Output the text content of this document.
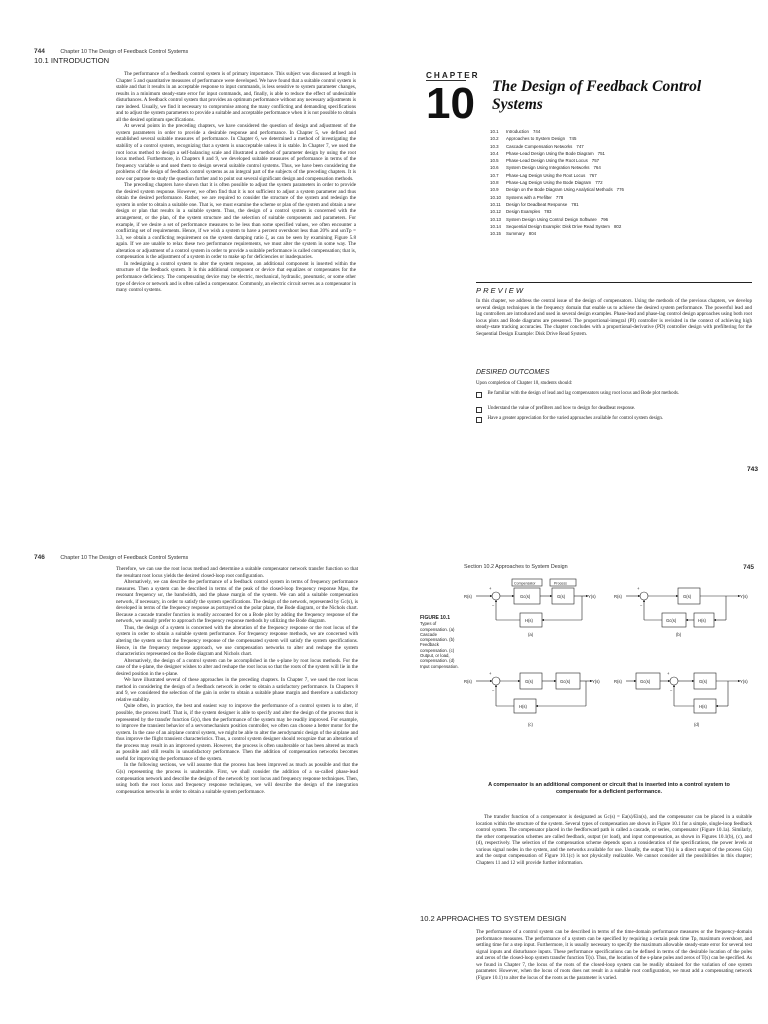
744	Chapter 10 The Design of Feedback Control Systems
10.1 INTRODUCTION

The performance of a feedback control system is of primary importance. This subject was discussed at length in Chapter 5 and quantitative measures of performance were developed. We have found that a suitable control system is stable and that it results in an acceptable response to input commands, is less sensitive to system parameter changes, results in a minimum steady-state error for input commands, and, finally, is able to reduce the effect of undesirable disturbances. A feedback control system that provides an optimum performance without any necessary adjustments is rare indeed. Usually, we find it necessary to compromise among the many conflicting and demanding specifications and to adjust the system parameters to provide a suitable and acceptable performance when it is not possible to obtain all the desired optimum specifications.

At several points in the preceding chapters, we have considered the question of design and adjustment of the system parameters in order to provide a desirable response and performance. In Chapter 5, we defined and established several suitable measures of performance. In Chapter 6, we determined a method of investigating the stability of a control system, recognizing that a system is unacceptable unless it is stable. In Chapter 7, we used the root locus method to design a self-balancing scale and illustrated a method of parameter design by using the root locus method. Furthermore, in Chapters 8 and 9, we developed suitable measures of performance in terms of the frequency variable ω and used them to design several suitable control systems. Thus, we have been considering the problems of the design of feedback control systems as an integral part of the subjects of the preceding chapters. It is now our purpose to study the question further and to point out several significant design and compensation methods.

The preceding chapters have shown that it is often possible to adjust the system parameters in order to provide the desired system response. However, we often find that it is not sufficient to adjust a system parameter and thus obtain the desired performance. Rather, we are required to consider the structure of the system and redesign the system in order to obtain a suitable one. That is, we must examine the scheme or plan of the system and obtain a new design or plan that results in a suitable system. Thus, the design of a control system is concerned with the arrangement, or the plan, of the system structure and the selection of suitable components and parameters. For example, if we desire a set of performance measures to be less than some specified values, we often encounter a conflicting set of requirements. Hence, if we wish a system to have a percent overshoot less than 20% and ωnTp = 3.3, we obtain a conflicting requirement on the system damping ratio ζ, as can be seen by examining Figure 5.8 again. If we are unable to relax these two performance requirements, we must alter the system in some way. The alteration or adjustment of a control system in order to provide a suitable performance is called compensation; that is, compensation is the adjustment of a system in order to make up for deficiencies or inadequacies.

In redesigning a control system to alter the system response, an additional component is inserted within the structure of the feedback system. It is this additional component or device that equalizes or compensates for the performance deficiency. The compensating device may be electric, mechanical, hydraulic, pneumatic, or some other type of device or network and is often called a compensator. Commonly, an electric circuit serves as a compensator in many control systems.

CHAPTER
10 The Design of Feedback Control Systems
10.1	Introduction 744
10.2	Approaches to System Design 745
10.3	Cascade Compensation Networks 747
10.4	Phase-Lead Design Using the Bode Diagram 751
10.5	Phase-Lead Design Using the Root Locus 757
10.6	System Design Using Integration Networks 764
10.7	Phase-Lag Design Using the Root Locus 767
10.8	Phase-Lag Design Using the Bode Diagram 772
10.9	Design on the Bode Diagram Using Analytical Methods 776
10.10	Systems with a Prefilter 778
10.11	Design for Deadbeat Response 781
10.12	Design Examples 783
10.13	System Design Using Control Design Software 796
10.14	Sequential Design Example: Disk Drive Read System 802
10.15	Summary 804
PREVIEW

In this chapter, we address the central issue of the design of compensators. Using the methods of the previous chapters, we develop several design techniques in the frequency domain that enable us to achieve the desired system performance. The powerful lead and lag controllers are introduced and used in several design examples. Phase-lead and phase-lag control design approaches using both root locus plots and Bode diagrams are presented. The proportional-integral (PI) controller is revisited in the context of achieving high steady-state tracking accuracies. The chapter concludes with a proportional-derivative (PD) controller design with prefiltering for the Sequential Design Example: Disk Drive Read System.

DESIRED OUTCOMES
Upon completion of Chapter 10, students should:
Be familiar with the design of lead and lag compensators using root locus and Bode plot methods.
Understand the value of prefilters and how to design for deadbeat response.
Have a greater appreciation for the varied approaches available for control system design.
743
746	Chapter 10 The Design of Feedback Control Systems

Therefore, we can use the root locus method and determine a suitable compensator network transfer function so that the resultant root locus yields the desired closed-loop root configuration.

Alternatively, we can describe the performance of a feedback control system in terms of frequency performance measures. Then a system can be described in terms of the peak of the closed-loop frequency response Mpω, the resonant frequency ωr, the bandwidth, and the phase margin of the system. We can add a suitable compensation network, if necessary, in order to satisfy the system specifications. The design of the network, represented by Gc(s), is developed in terms of the frequency response as portrayed on the polar plane, the Bode diagram, or the Nichols chart. Because a cascade transfer function is readily accounted for on a Bode plot by adding the frequency response of the network, we usually prefer to approach the frequency response methods by utilizing the Bode diagram.

Thus, the design of a system is concerned with the alteration of the frequency response or the root locus of the system in order to obtain a suitable system performance. For frequency response methods, we are concerned with altering the system so that the frequency response of the compensated system will satisfy the system specifications. Hence, in the frequency response approach, we use compensation networks to alter and reshape the system characteristics represented on the Bode diagram and Nichols chart.

Alternatively, the design of a control system can be accomplished in the s-plane by root locus methods. For the case of the s-plane, the designer wishes to alter and reshape the root locus so that the roots of the system will lie in the desired position in the s-plane.

We have illustrated several of these approaches in the preceding chapters. In Chapter 7, we used the root locus method in considering the design of a feedback network in order to obtain a satisfactory performance. In Chapters 8 and 9, we considered the selection of the gain in order to obtain a suitable phase margin and therefore a satisfactory relative stability.

Quite often, in practice, the best and easiest way to improve the performance of a control system is to alter, if possible, the process itself. That is, if the system designer is able to specify and alter the design of the process that is represented by the transfer function G(s), then the performance of the system may be readily improved. For example, to improve the transient behavior of a servomechanism position controller, we often can choose a better motor for the system. In the case of an airplane control system, we might be able to alter the aerodynamic design of the airplane and thus improve the flight transient characteristics. Thus, a control system designer should recognize that an alteration of the process may result in an improved system. However, the process is often unalterable or has been altered as much as possible and still results in unsatisfactory performance. Then the addition of compensation networks becomes useful for improving the performance of the system.

In the following sections, we will assume that the process has been improved as much as possible and that the G(s) representing the process is unalterable. First, we shall consider the addition of a so-called phase-lead compensation network and describe the design of the network by root locus and frequency response techniques. Then, using both the root locus and frequency response techniques, we will describe the design of the integration compensation networks in order to obtain a suitable system performance.

Section 10.2 Approaches to System Design	745
FIGURE 10.1
Types of compensation. (a) Cascade compensation. (b) Feedback compensation. (c) Output, or load, compensation. (d) Input compensation.
R(s)
+
−
Gc(s)
Compensator
G(s)
Process
Y(s)
H(s)
(a)
R(s)
+
−
G(s)	Y(s)
H(s)
Gc(s)
(b)
R(s)
+
−
G(s)	Gc(s)	Y(s)
H(s)
(c)
R(s)	Gc(s)
+
−
G(s)	Y(s)
H(s)
(d)
A compensator is an additional component or circuit that is inserted into a control system to compensate for a deficient performance.

The transfer function of a compensator is designated as Gc(s) = Ea(s)/Ein(s), and the compensator can be placed in a suitable location within the structure of the system. Several types of compensation are shown in Figure 10.1 for a simple, single-loop feedback control system. The compensator placed in the feedforward path is called a cascade, or series, compensator (Figure 10.1a). Similarly, the other compensation schemes are called feedback, output (or load), and input compensation, as shown in Figures 10.1(b), (c), and (d), respectively. The selection of the compensation scheme depends upon a consideration of the specifications, the power levels at various signal nodes in the system, and the networks available for use. Usually, the output Y(s) is a direct output of the process G(s) and the output compensation of Figure 10.1(c) is not physically realizable. We cannot consider all the possibilities in this chapter; Chapters 11 and 12 will provide further information.

10.2 APPROACHES TO SYSTEM DESIGN

The performance of a control system can be described in terms of the time-domain performance measures or the frequency-domain performance measures. The performance of a system can be specified by requiring a certain peak time Tp, maximum overshoot, and settling time for a step input. Furthermore, it is usually necessary to specify the maximum allowable steady-state error for several test signal inputs and disturbance inputs. These performance specifications can be defined in terms of the desirable location of the poles and zeros of the closed-loop system transfer function T(s). Thus, the location of the s-plane poles and zeros of T(s) can be specified. As we found in Chapter 7, the locus of the roots of the closed-loop system can be readily obtained for the variation of one system parameter. However, when the locus of roots does not result in a suitable root configuration, we must add a compensating network (Figure 10.1) to alter the locus of the roots as the parameter is varied.
